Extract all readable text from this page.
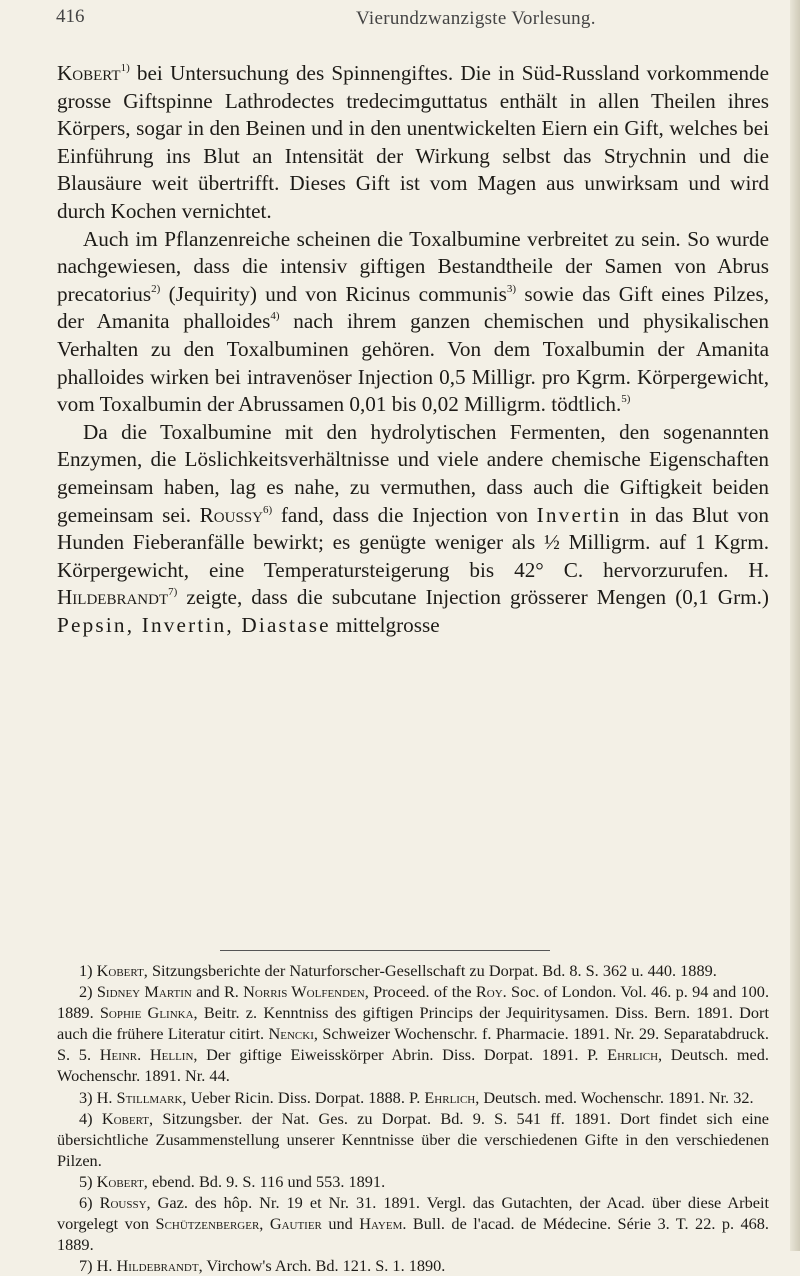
416	Vierundzwanzigste Vorlesung.

Kobert$^{1)}$ bei Untersuchung des Spinnengiftes. Die in Süd-Russland vorkommende grosse Giftspinne Lathrodectes tredecimguttatus enthält in allen Theilen ihres Körpers, sogar in den Beinen und in den unentwickelten Eiern ein Gift, welches bei Einführung ins Blut an Intensität der Wirkung selbst das Strychnin und die Blausäure weit übertrifft. Dieses Gift ist vom Magen aus unwirksam und wird durch Kochen vernichtet.

Auch im Pflanzenreiche scheinen die Toxalbumine verbreitet zu sein. So wurde nachgewiesen, dass die intensiv giftigen Bestandtheile der Samen von Abrus precatorius$^{2)}$ (Jequirity) und von Ricinus communis$^{3)}$ sowie das Gift eines Pilzes, der Amanita phalloides$^{4)}$ nach ihrem ganzen chemischen und physikalischen Verhalten zu den Toxalbuminen gehören. Von dem Toxalbumin der Amanita phalloides wirken bei intravenöser Injection 0,5 Milligr. pro Kgrm. Körpergewicht, vom Toxalbumin der Abrussamen 0,01 bis 0,02 Milligrm. tödtlich.$^{5)}$

Da die Toxalbumine mit den hydrolytischen Fermenten, den sogenannten Enzymen, die Löslichkeitsverhältnisse und viele andere chemische Eigenschaften gemeinsam haben, lag es nahe, zu vermuthen, dass auch die Giftigkeit beiden gemeinsam sei. Roussy$^{6)}$ fand, dass die Injection von Invertin in das Blut von Hunden Fieberanfälle bewirkt; es genügte weniger als ½ Milligrm. auf 1 Kgrm. Körpergewicht, eine Temperatursteigerung bis 42° C. hervorzurufen. H. Hildebrandt$^{7)}$ zeigte, dass die subcutane Injection grösserer Mengen (0,1 Grm.) Pepsin, Invertin, Diastase mittelgrosse

1) Kobert, Sitzungsberichte der Naturforscher-Gesellschaft zu Dorpat. Bd. 8. S. 362 u. 440. 1889.

2) Sidney Martin and R. Norris Wolfenden, Proceed. of the Roy. Soc. of London. Vol. 46. p. 94 and 100. 1889. Sophie Glinka, Beitr. z. Kenntniss des giftigen Princips der Jequiritysamen. Diss. Bern. 1891. Dort auch die frühere Literatur citirt. Nencki, Schweizer Wochenschr. f. Pharmacie. 1891. Nr. 29. Separatabdruck. S. 5. Heinr. Hellin, Der giftige Eiweisskörper Abrin. Diss. Dorpat. 1891. P. Ehrlich, Deutsch. med. Wochenschr. 1891. Nr. 44.

3) H. Stillmark, Ueber Ricin. Diss. Dorpat. 1888. P. Ehrlich, Deutsch. med. Wochenschr. 1891. Nr. 32.

4) Kobert, Sitzungsber. der Nat. Ges. zu Dorpat. Bd. 9. S. 541 ff. 1891. Dort findet sich eine übersichtliche Zusammenstellung unserer Kenntnisse über die verschiedenen Gifte in den verschiedenen Pilzen.

5) Kobert, ebend. Bd. 9. S. 116 und 553. 1891.

6) Roussy, Gaz. des hôp. Nr. 19 et Nr. 31. 1891. Vergl. das Gutachten, der Acad. über diese Arbeit vorgelegt von Schützenberger, Gautier und Hayem. Bull. de l'acad. de Médecine. Série 3. T. 22. p. 468. 1889.

7) H. Hildebrandt, Virchow's Arch. Bd. 121. S. 1. 1890.
